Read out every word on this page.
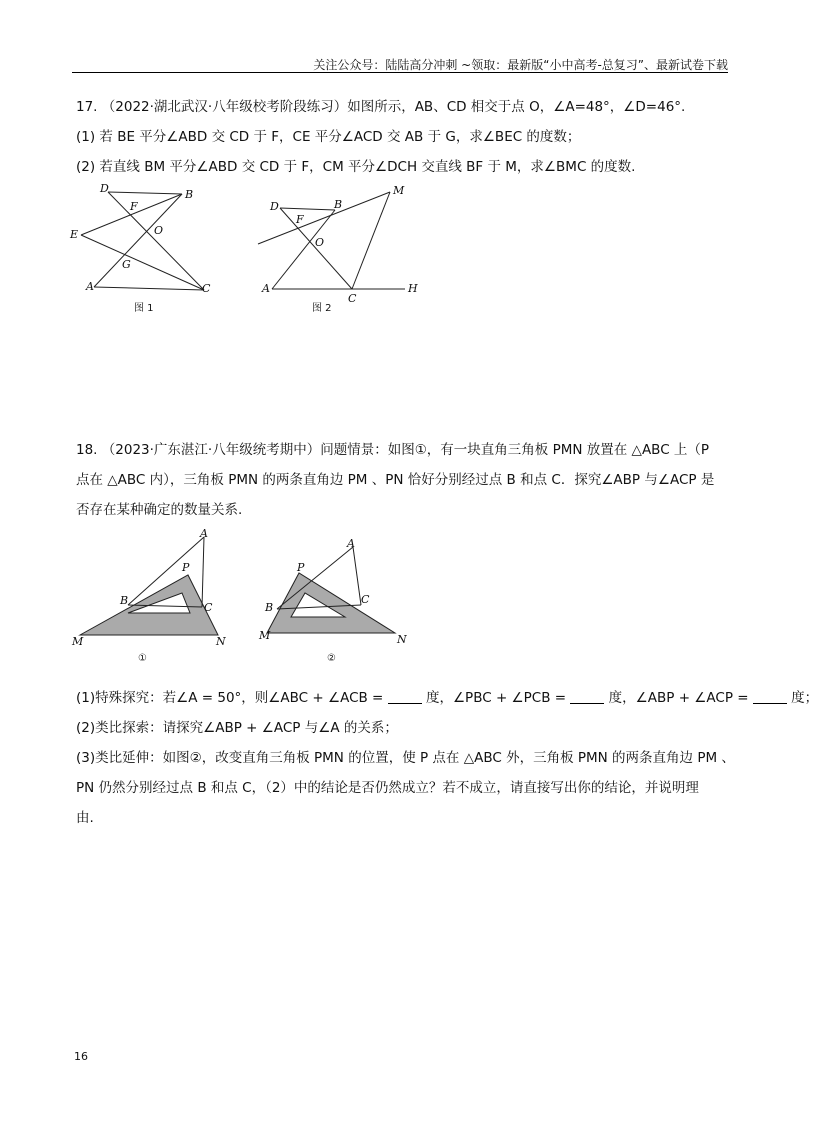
关注公众号：陆陆高分冲刺 ~领取：最新版“小中高考-总复习”、最新试卷下载
17. （2022·湖北武汉·八年级校考阶段练习）如图所示，AB、CD 相交于点 O，∠A=48°，∠D=46°.
(1) 若 BE 平分∠ABD 交 CD 于 F，CE 平分∠ACD 交 AB 于 G，求∠BEC 的度数；
(2) 若直线 BM 平分∠ABD 交 CD 于 F，CM 平分∠DCH 交直线 BF 于 M，求∠BMC 的度数.
D
F
B
E	O
G
A	C
图 1
D
F
B
M
O
A
C
H
图 2
18. （2023·广东湛江·八年级统考期中）问题情景：如图①，有一块直角三角板 PMN 放置在 △ABC 上（P
点在 △ABC 内），三角板 PMN 的两条直角边 PM 、PN 恰好分别经过点 B 和点 C．探究∠ABP 与∠ACP 是
否存在某种确定的数量关系.
A
P
B
C
M	N
①
A
P
B
C
M	N
②
(1)特殊探究：若∠A = 50°，则∠ABC + ∠ACB =	度，∠PBC + ∠PCB =	度，∠ABP + ∠ACP =	度；
(2)类比探索：请探究∠ABP + ∠ACP 与∠A 的关系；
(3)类比延伸：如图②，改变直角三角板 PMN 的位置，使 P 点在 △ABC 外，三角板 PMN 的两条直角边 PM 、
PN 仍然分别经过点 B 和点 C，（2）中的结论是否仍然成立？若不成立，请直接写出你的结论，并说明理
由.
16
